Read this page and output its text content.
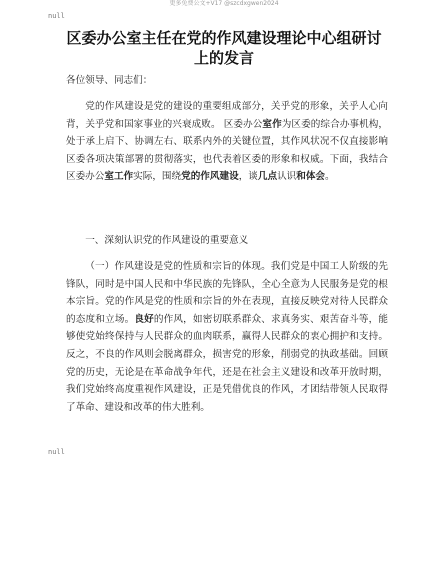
更多免费公文+V17 @szcdxgwen2024
null
区委办公室主任在党的作风建设理论中心组研讨上的发言
各位领导、同志们：

党的作风建设是党的建设的重要组成部分，关乎党的形象，关乎人心向背，关乎党和国家事业的兴衰成败。 区委办公室作为区委的综合办事机构，处于承上启下、协调左右、联系内外的关键位置，其作风状况不仅直接影响区委各项决策部署的贯彻落实，也代表着区委的形象和权威。下面，我结合区委办公室工作实际，围绕党的作风建设，谈几点认识和体会。

一、深刻认识党的作风建设的重要意义

（一）作风建设是党的性质和宗旨的体现。我们党是中国工人阶级的先锋队，同时是中国人民和中华民族的先锋队，全心全意为人民服务是党的根本宗旨。党的作风是党的性质和宗旨的外在表现，直接反映党对待人民群众的态度和立场。良好的作风，如密切联系群众、求真务实、艰苦奋斗等，能够使党始终保持与人民群众的血肉联系，赢得人民群众的衷心拥护和支持。反之，不良的作风则会脱离群众，损害党的形象，削弱党的执政基础。回顾党的历史，无论是在革命战争年代，还是在社会主义建设和改革开放时期，我们党始终高度重视作风建设，正是凭借优良的作风，才团结带领人民取得了革命、建设和改革的伟大胜利。

null
